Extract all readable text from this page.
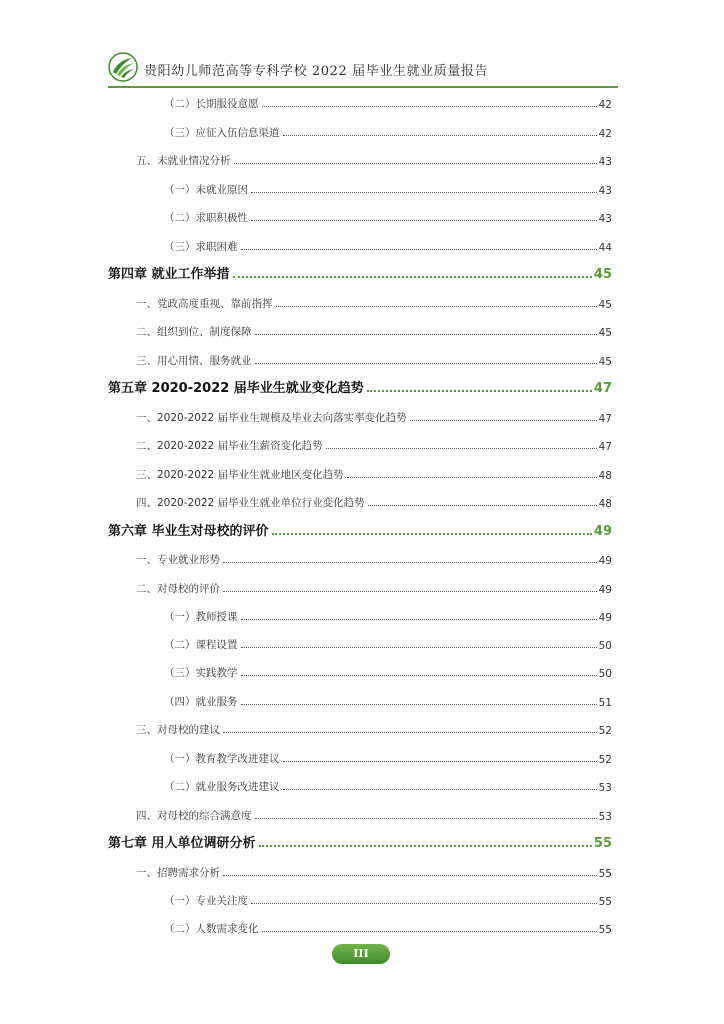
贵阳幼儿师范高等专科学校 2022 届毕业生就业质量报告
（二）长期服役意愿	42
（三）应征入伍信息渠道	42
五、未就业情况分析	43
（一）未就业原因	43
（二）求职积极性	43
（三）求职困难	44
第四章 就业工作举措	45
一、党政高度重视、靠前指挥	45
二、组织到位、制度保障	45
三、用心用情、服务就业	45
第五章 2020-2022 届毕业生就业变化趋势	47
一、2020-2022 届毕业生规模及毕业去向落实率变化趋势	47
二、2020-2022 届毕业生薪资变化趋势	47
三、2020-2022 届毕业生就业地区变化趋势	48
四、2020-2022 届毕业生就业单位行业变化趋势	48
第六章 毕业生对母校的评价	49
一、专业就业形势	49
二、对母校的评价	49
（一）教师授课	49
（二）课程设置	50
（三）实践教学	50
（四）就业服务	51
三、对母校的建议	52
（一）教育教学改进建议	52
（二）就业服务改进建议	53
四、对母校的综合满意度	53
第七章 用人单位调研分析	55
一、招聘需求分析	55
（一）专业关注度	55
（二）人数需求变化	55
III
